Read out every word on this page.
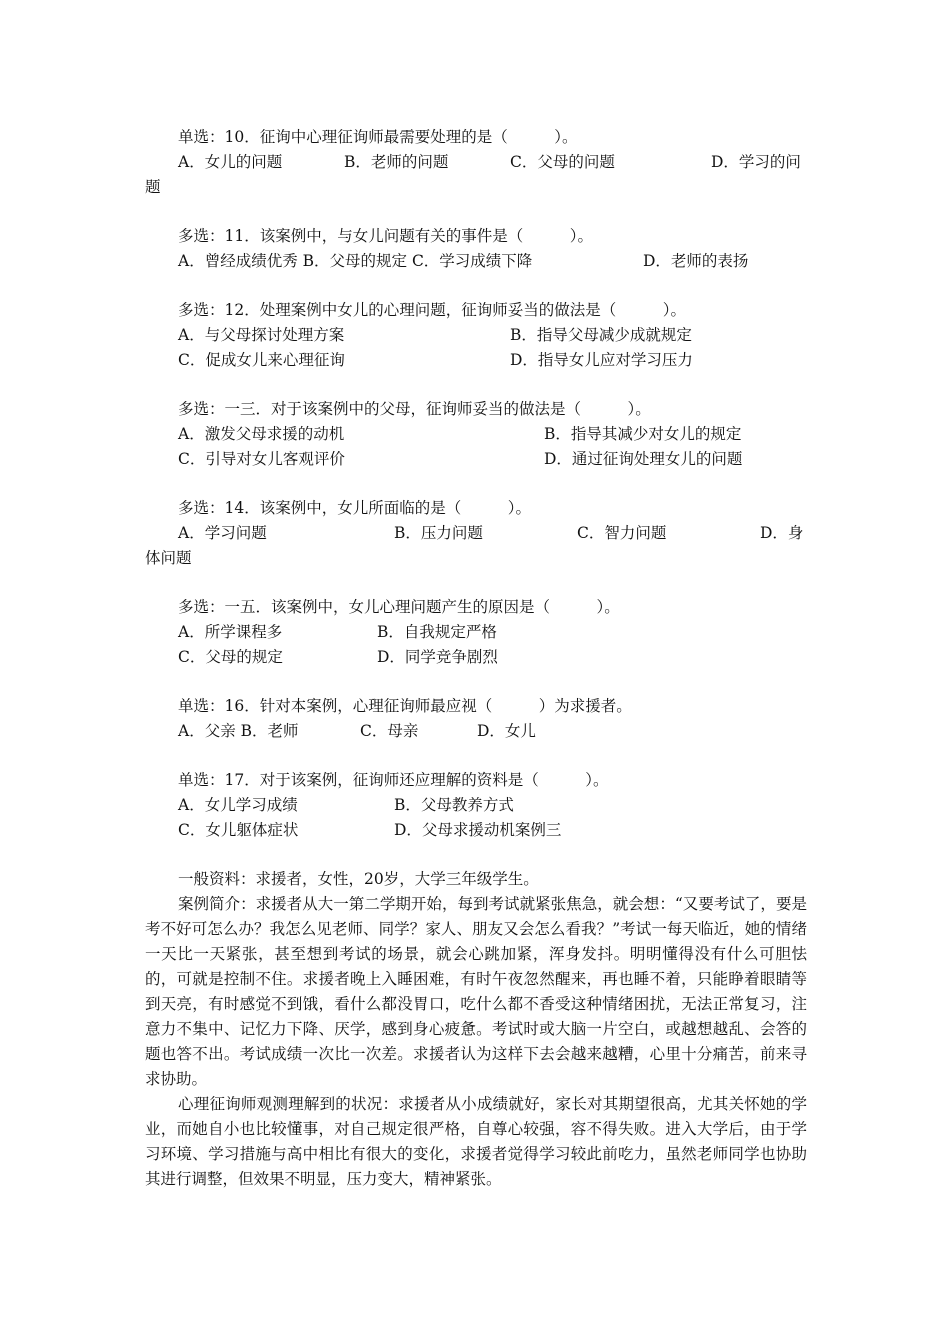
单选：10．征询中心理征询师最需要处理的是（　　　）。
A．女儿的问题	B．老师的问题	C．父母的问题	D．学习的问
题
多选：11．该案例中，与女儿问题有关的事件是（　　　）。
A．曾经成绩优秀 B．父母的规定 C．学习成绩下降	D．老师的表扬
多选：12．处理案例中女儿的心理问题，征询师妥当的做法是（　　　）。
A．与父母探讨处理方案	B．指导父母减少成就规定
C．促成女儿来心理征询	D．指导女儿应对学习压力
多选：一三．对于该案例中的父母，征询师妥当的做法是（　　　）。
A．激发父母求援的动机	B．指导其减少对女儿的规定
C．引导对女儿客观评价	D．通过征询处理女儿的问题
多选：14．该案例中，女儿所面临的是（　　　）。
A．学习问题	B．压力问题	C．智力问题	D．身
体问题
多选：一五．该案例中，女儿心理问题产生的原因是（　　　）。
A．所学课程多	B．自我规定严格
C．父母的规定	D．同学竞争剧烈
单选：16．针对本案例，心理征询师最应视（　　　）为求援者。
A．父亲 B．老师	C．母亲	D．女儿
单选：17．对于该案例，征询师还应理解的资料是（　　　）。
A．女儿学习成绩	B．父母教养方式
C．女儿躯体症状	D．父母求援动机案例三
一般资料：求援者，女性，20岁，大学三年级学生。

案例简介：求援者从大一第二学期开始，每到考试就紧张焦急，就会想：“又要考试了，要是考不好可怎么办？我怎么见老师、同学？家人、朋友又会怎么看我？”考试一每天临近，她的情绪一天比一天紧张，甚至想到考试的场景，就会心跳加紧，浑身发抖。明明懂得没有什么可胆怯的，可就是控制不住。求援者晚上入睡困难，有时午夜忽然醒来，再也睡不着，只能睁着眼睛等到天亮，有时感觉不到饿，看什么都没胃口，吃什么都不香受这种情绪困扰，无法正常复习，注意力不集中、记忆力下降、厌学，感到身心疲惫。考试时或大脑一片空白，或越想越乱、会答的题也答不出。考试成绩一次比一次差。求援者认为这样下去会越来越糟，心里十分痛苦，前来寻求协助。

心理征询师观测理解到的状况：求援者从小成绩就好，家长对其期望很高，尤其关怀她的学业，而她自小也比较懂事，对自己规定很严格，自尊心较强，容不得失败。进入大学后，由于学习环境、学习措施与高中相比有很大的变化，求援者觉得学习较此前吃力，虽然老师同学也协助其进行调整，但效果不明显，压力变大，精神紧张。
